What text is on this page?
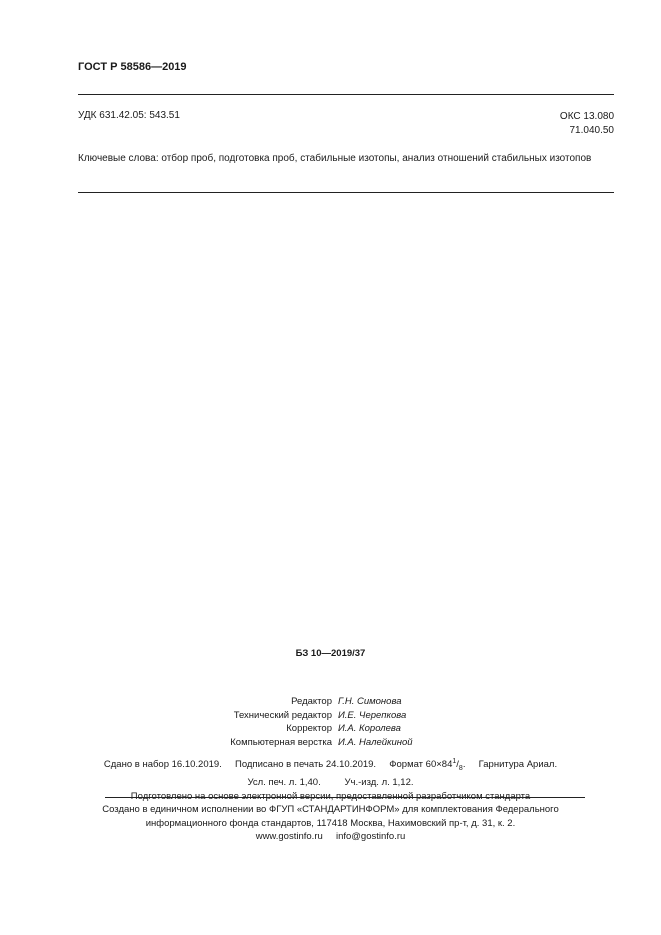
ГОСТ Р 58586—2019
УДК 631.42.05: 543.51	ОКС 13.080
71.040.50
Ключевые слова: отбор проб, подготовка проб, стабильные изотопы, анализ отношений стабильных изотопов
БЗ 10—2019/37
Редактор Г.Н. Симонова
Технический редактор И.Е. Черепкова
Корректор И.А. Королева
Компьютерная верстка И.А. Налейкиной
Сдано в набор 16.10.2019. Подписано в печать 24.10.2019. Формат $60\times 84^1/_8$. Гарнитура Ариал.
Усл. печ. л. 1,40.	Уч.-изд. л. 1,12.
Подготовлено на основе электронной версии, предоставленной разработчиком стандарта
Создано в единичном исполнении во ФГУП «СТАНДАРТИНФОРМ» для комплектования Федерального
информационного фонда стандартов, 117418 Москва, Нахимовский пр-т, д. 31, к. 2.
www.gostinfo.ru info@gostinfo.ru
